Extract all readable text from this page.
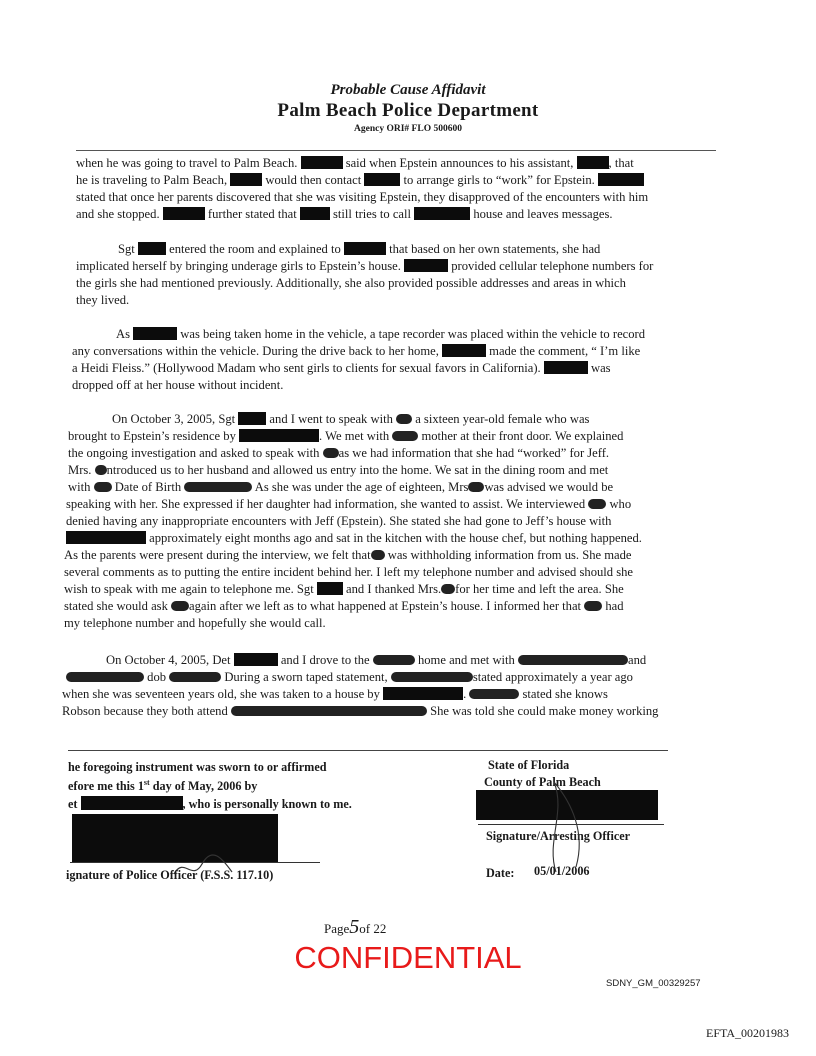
Probable Cause Affidavit
Palm Beach Police Department
Agency ORI# FLO 500600
when he was going to travel to Palm Beach.	said when Epstein announces to his assistant,	, that
he is traveling to Palm Beach,	would then contact	to arrange girls to “work” for Epstein.
stated that once her parents discovered that she was visiting Epstein, they disapproved of the encounters with him
and she stopped.	further stated that  still tries to call	house and leaves messages.
Sgt  entered the room and explained to	that based on her own statements, she had
implicated herself by bringing underage girls to Epstein’s house.	provided cellular telephone numbers for
the girls she had mentioned previously. Additionally, she also provided possible addresses and areas in which
they lived.
As	was being taken home in the vehicle, a tape recorder was placed within the vehicle to record
any conversations within the vehicle. During the drive back to her home,	made the comment, “ I’m like
a Heidi Fleiss.” (Hollywood Madam who sent girls to clients for sexual favors in California).	was
dropped off at her house without incident.
On October 3, 2005, Sgt  and I went to speak with  a sixteen year-old female who was
brought to Epstein’s residence by	. We met with  mother at their front door. We explained
the ongoing investigation and asked to speak with as we had information that she had “worked” for Jeff.
Mrs. ntroduced us to her husband and allowed us entry into the home. We sat in the dining room and met
with  Date of Birth	As she was under the age of eighteen, Mrs was advised we would be
speaking with her. She expressed if her daughter had information, she wanted to assist. We interviewed  who
denied having any inappropriate encounters with Jeff (Epstein). She stated she had gone to Jeff’s house with
approximately eight months ago and sat in the kitchen with the house chef, but nothing happened.
As the parents were present during the interview, we felt that was withholding information from us. She made
several comments as to putting the entire incident behind her. I left my telephone number and advised should she
wish to speak with me again to telephone me. Sgt  and I thanked Mrs. for her time and left the area. She
stated she would ask again after we left as to what happened at Epstein’s house. I informed her that  had
my telephone number and hopefully she would call.
On October 4, 2005, Det	and I drove to the	home and met with	and
dob	During a sworn taped statement,	stated approximately a year ago
when she was seventeen years old, she was taken to a house by	.	stated she knows
Robson because they both attend	She was told she could make money working
he foregoing instrument was sworn to or affirmed
efore me this 1st day of May, 2006 by
et	, who is personally known to me.
ignature of Police Officer (F.S.S. 117.10)
State of Florida
County of Palm Beach
Signature/Arresting Officer
Date: 05/01/2006
Page5of 22
CONFIDENTIAL
SDNY_GM_00329257
EFTA_00201983
